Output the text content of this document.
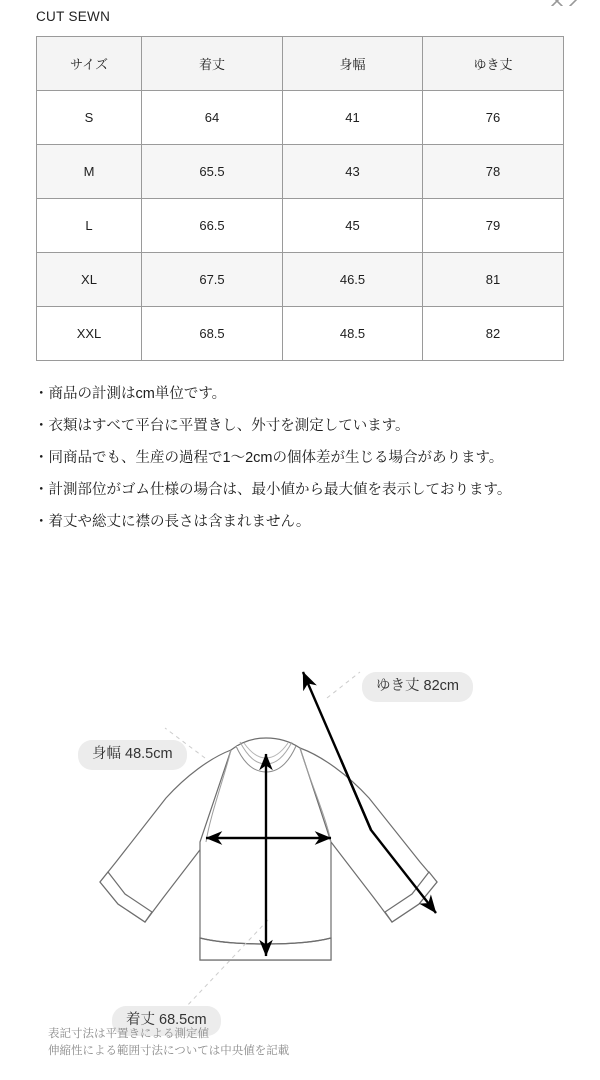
CUT SEWN
サイズ	着丈	身幅	ゆき丈
S	64	41	76
M	65.5	43	78
L	66.5	45	79
XL	67.5	46.5	81
XXL	68.5	48.5	82
・商品の計測はcm単位です。
・衣類はすべて平台に平置きし、外寸を測定しています。
・同商品でも、生産の過程で1〜2cmの個体差が生じる場合があります。
・計測部位がゴム仕様の場合は、最小値から最大値を表示しております。
・着丈や総丈に襟の長さは含まれません。
ゆき丈 82cm
身幅 48.5cm
着丈 68.5cm
表記寸法は平置きによる測定値
伸縮性による範囲寸法については中央値を記載
